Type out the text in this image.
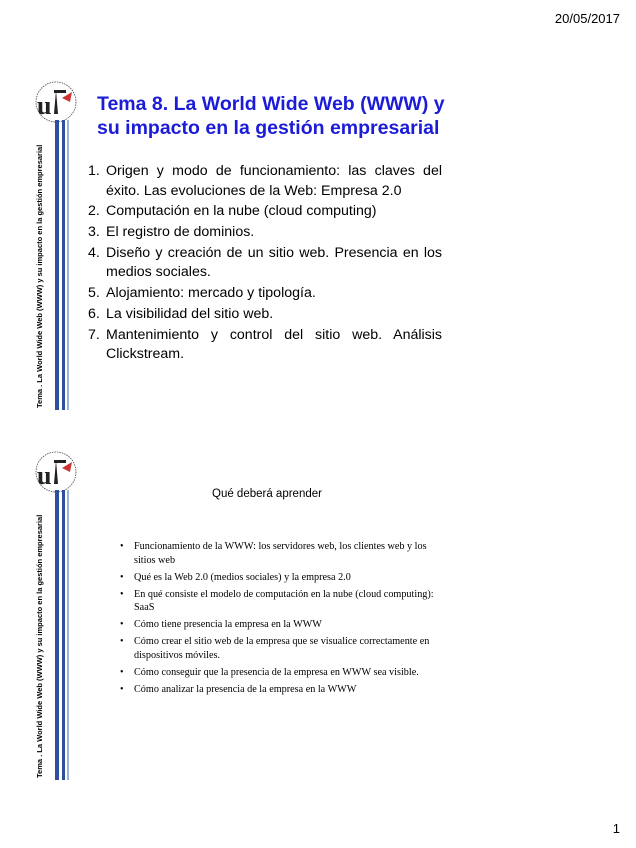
20/05/2017
u
Tema . La World Wide Web (WWW) y su impacto en la gestión empresarial
Tema 8. La World Wide Web (WWW) y su impacto en la gestión empresarial
1. Origen y modo de funcionamiento: las claves del éxito. Las evoluciones de la Web: Empresa 2.0
2. Computación en la nube (cloud computing)
3. El registro de dominios.
4. Diseño y creación de un sitio web. Presencia en los medios sociales.
5. Alojamiento: mercado y tipología.
6. La visibilidad del sitio web.
7. Mantenimiento y control del sitio web. Análisis Clickstream.
u
Tema . La World Wide Web (WWW) y su impacto en la gestión empresarial
Qué deberá aprender
• Funcionamiento de la WWW: los servidores web, los clientes web y los sitios web
• Qué es la Web 2.0 (medios sociales) y la empresa 2.0
• En qué consiste el modelo de computación en la nube (cloud computing): SaaS
• Cómo tiene presencia la empresa en la WWW
• Cómo crear el sitio web de la empresa que se visualice correctamente en dispositivos móviles.
• Cómo conseguir que la presencia de la empresa en WWW sea visible.
• Cómo analizar la presencia de la empresa en la WWW
1
